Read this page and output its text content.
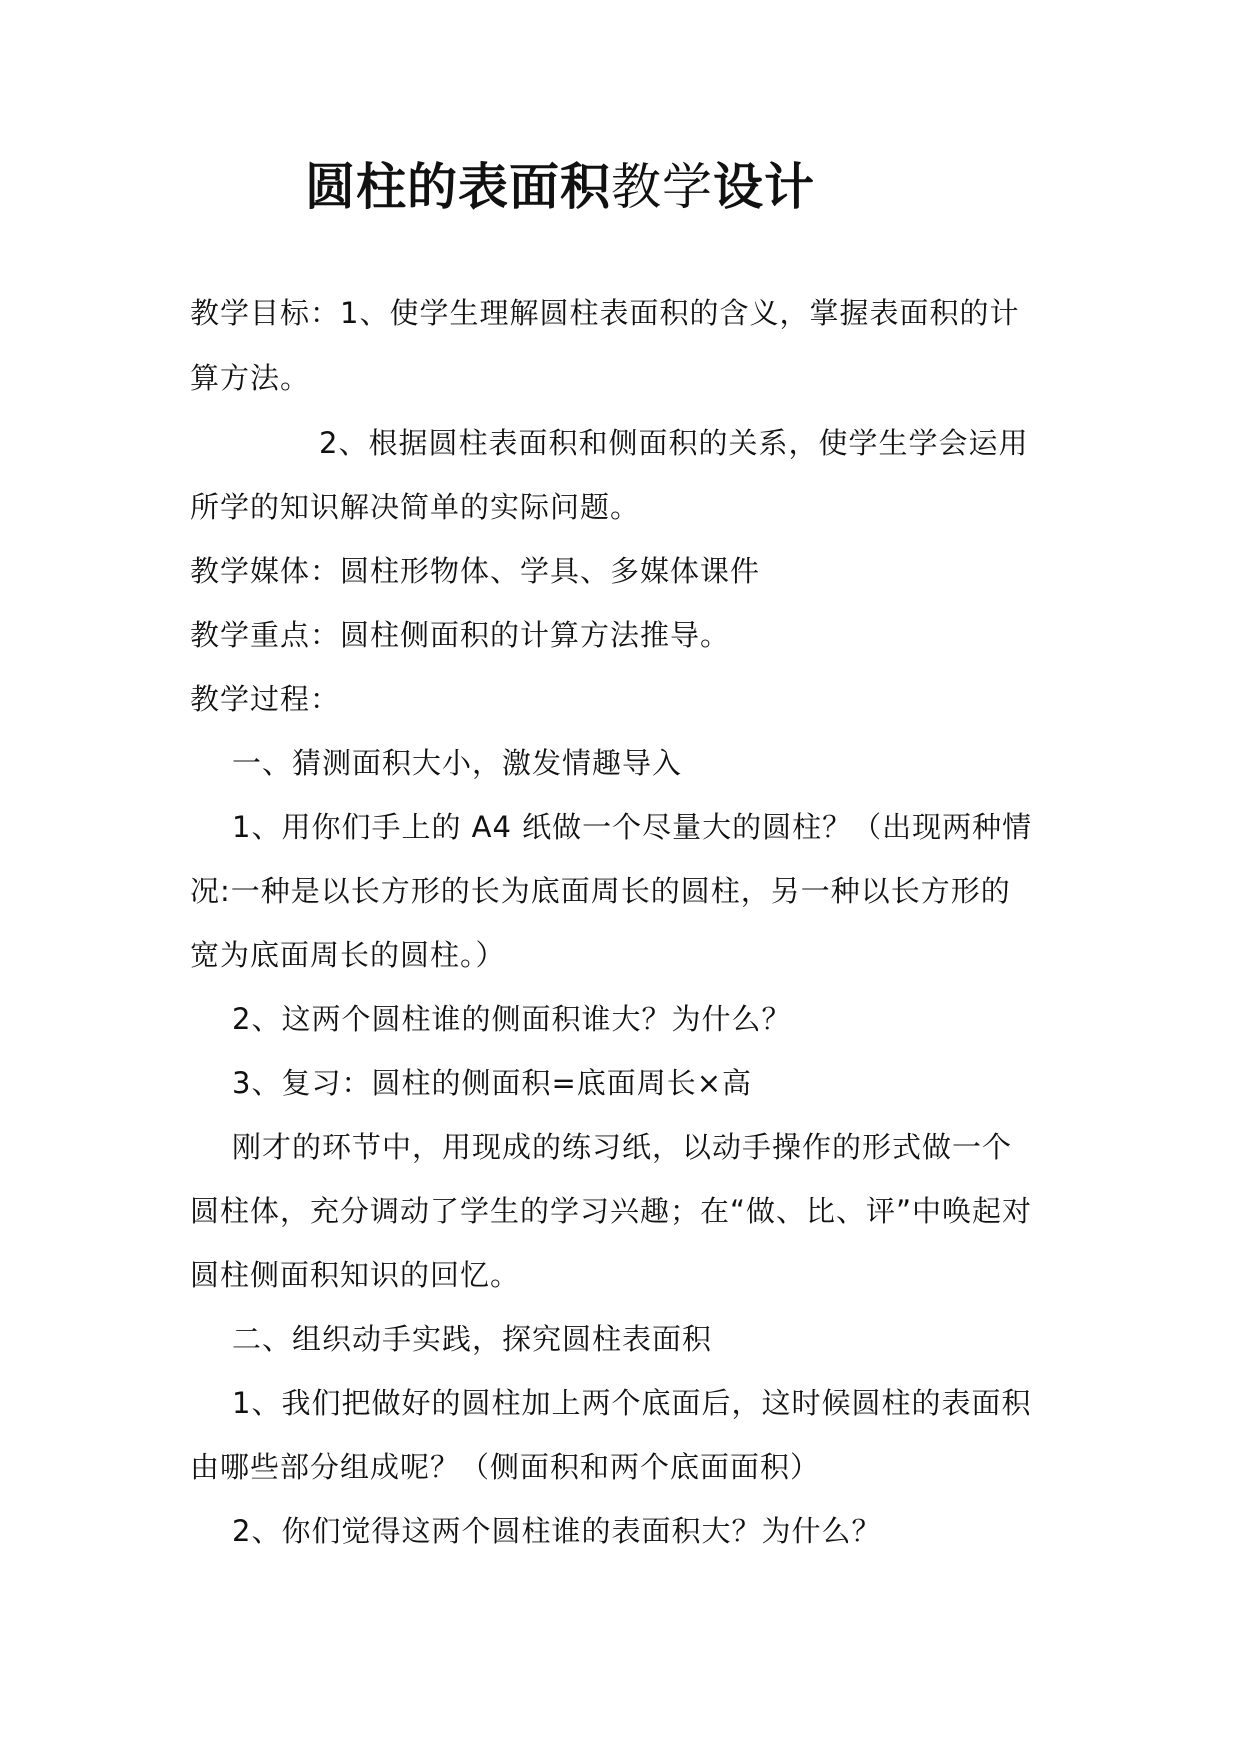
圆柱的表面积教学设计
教学目标：1、使学生理解圆柱表面积的含义，掌握表面积的计
算方法。
2、根据圆柱表面积和侧面积的关系，使学生学会运用
所学的知识解决简单的实际问题。
教学媒体：圆柱形物体、学具、多媒体课件
教学重点：圆柱侧面积的计算方法推导。
教学过程：
一、猜测面积大小，激发情趣导入
1、用你们手上的 A4 纸做一个尽量大的圆柱？（出现两种情
况:一种是以长方形的长为底面周长的圆柱，另一种以长方形的
宽为底面周长的圆柱。）
2、这两个圆柱谁的侧面积谁大？为什么？
3、复习：圆柱的侧面积=底面周长×高
刚才的环节中，用现成的练习纸，以动手操作的形式做一个
圆柱体，充分调动了学生的学习兴趣；在“做、比、评”中唤起对
圆柱侧面积知识的回忆。
二、组织动手实践，探究圆柱表面积
1、我们把做好的圆柱加上两个底面后，这时候圆柱的表面积
由哪些部分组成呢？（侧面积和两个底面面积）
2、你们觉得这两个圆柱谁的表面积大？为什么？
